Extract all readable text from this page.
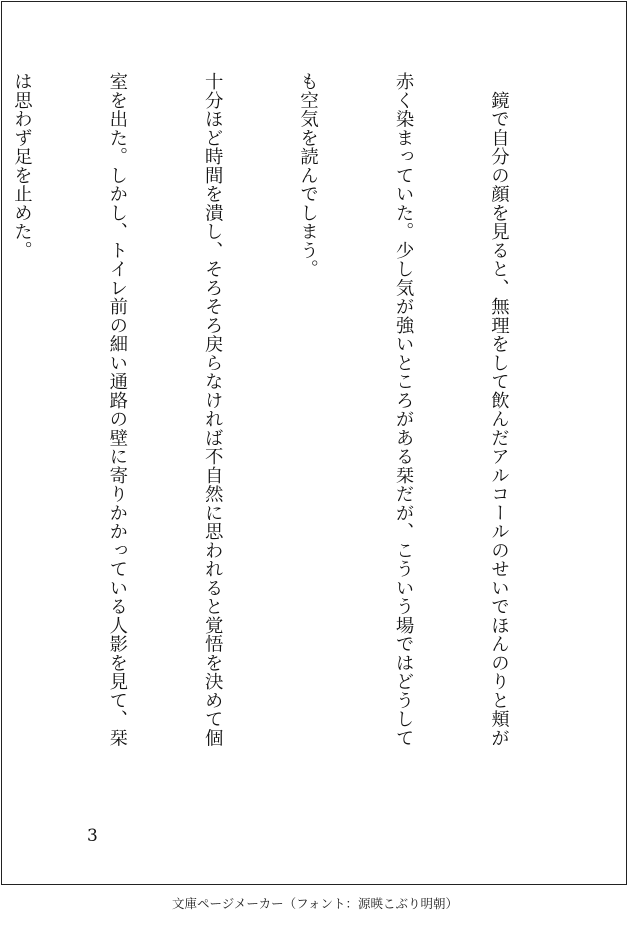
　鏡で自分の顔を見ると、無理をして飲んだアルコールのせいでほんのりと頬が

赤く染まっていた。少し気が強いところがある栞だが、こういう場ではどうして

も空気を読んでしまう。

十分ほど時間を潰し、そろそろ戻らなければ不自然に思われると覚悟を決めて個

室を出た。しかし、トイレ前の細い通路の壁に寄りかかっている人影を見て、栞

は思わず足を止めた。

3
文庫ページメーカー（フォント：源暎こぶり明朝）
